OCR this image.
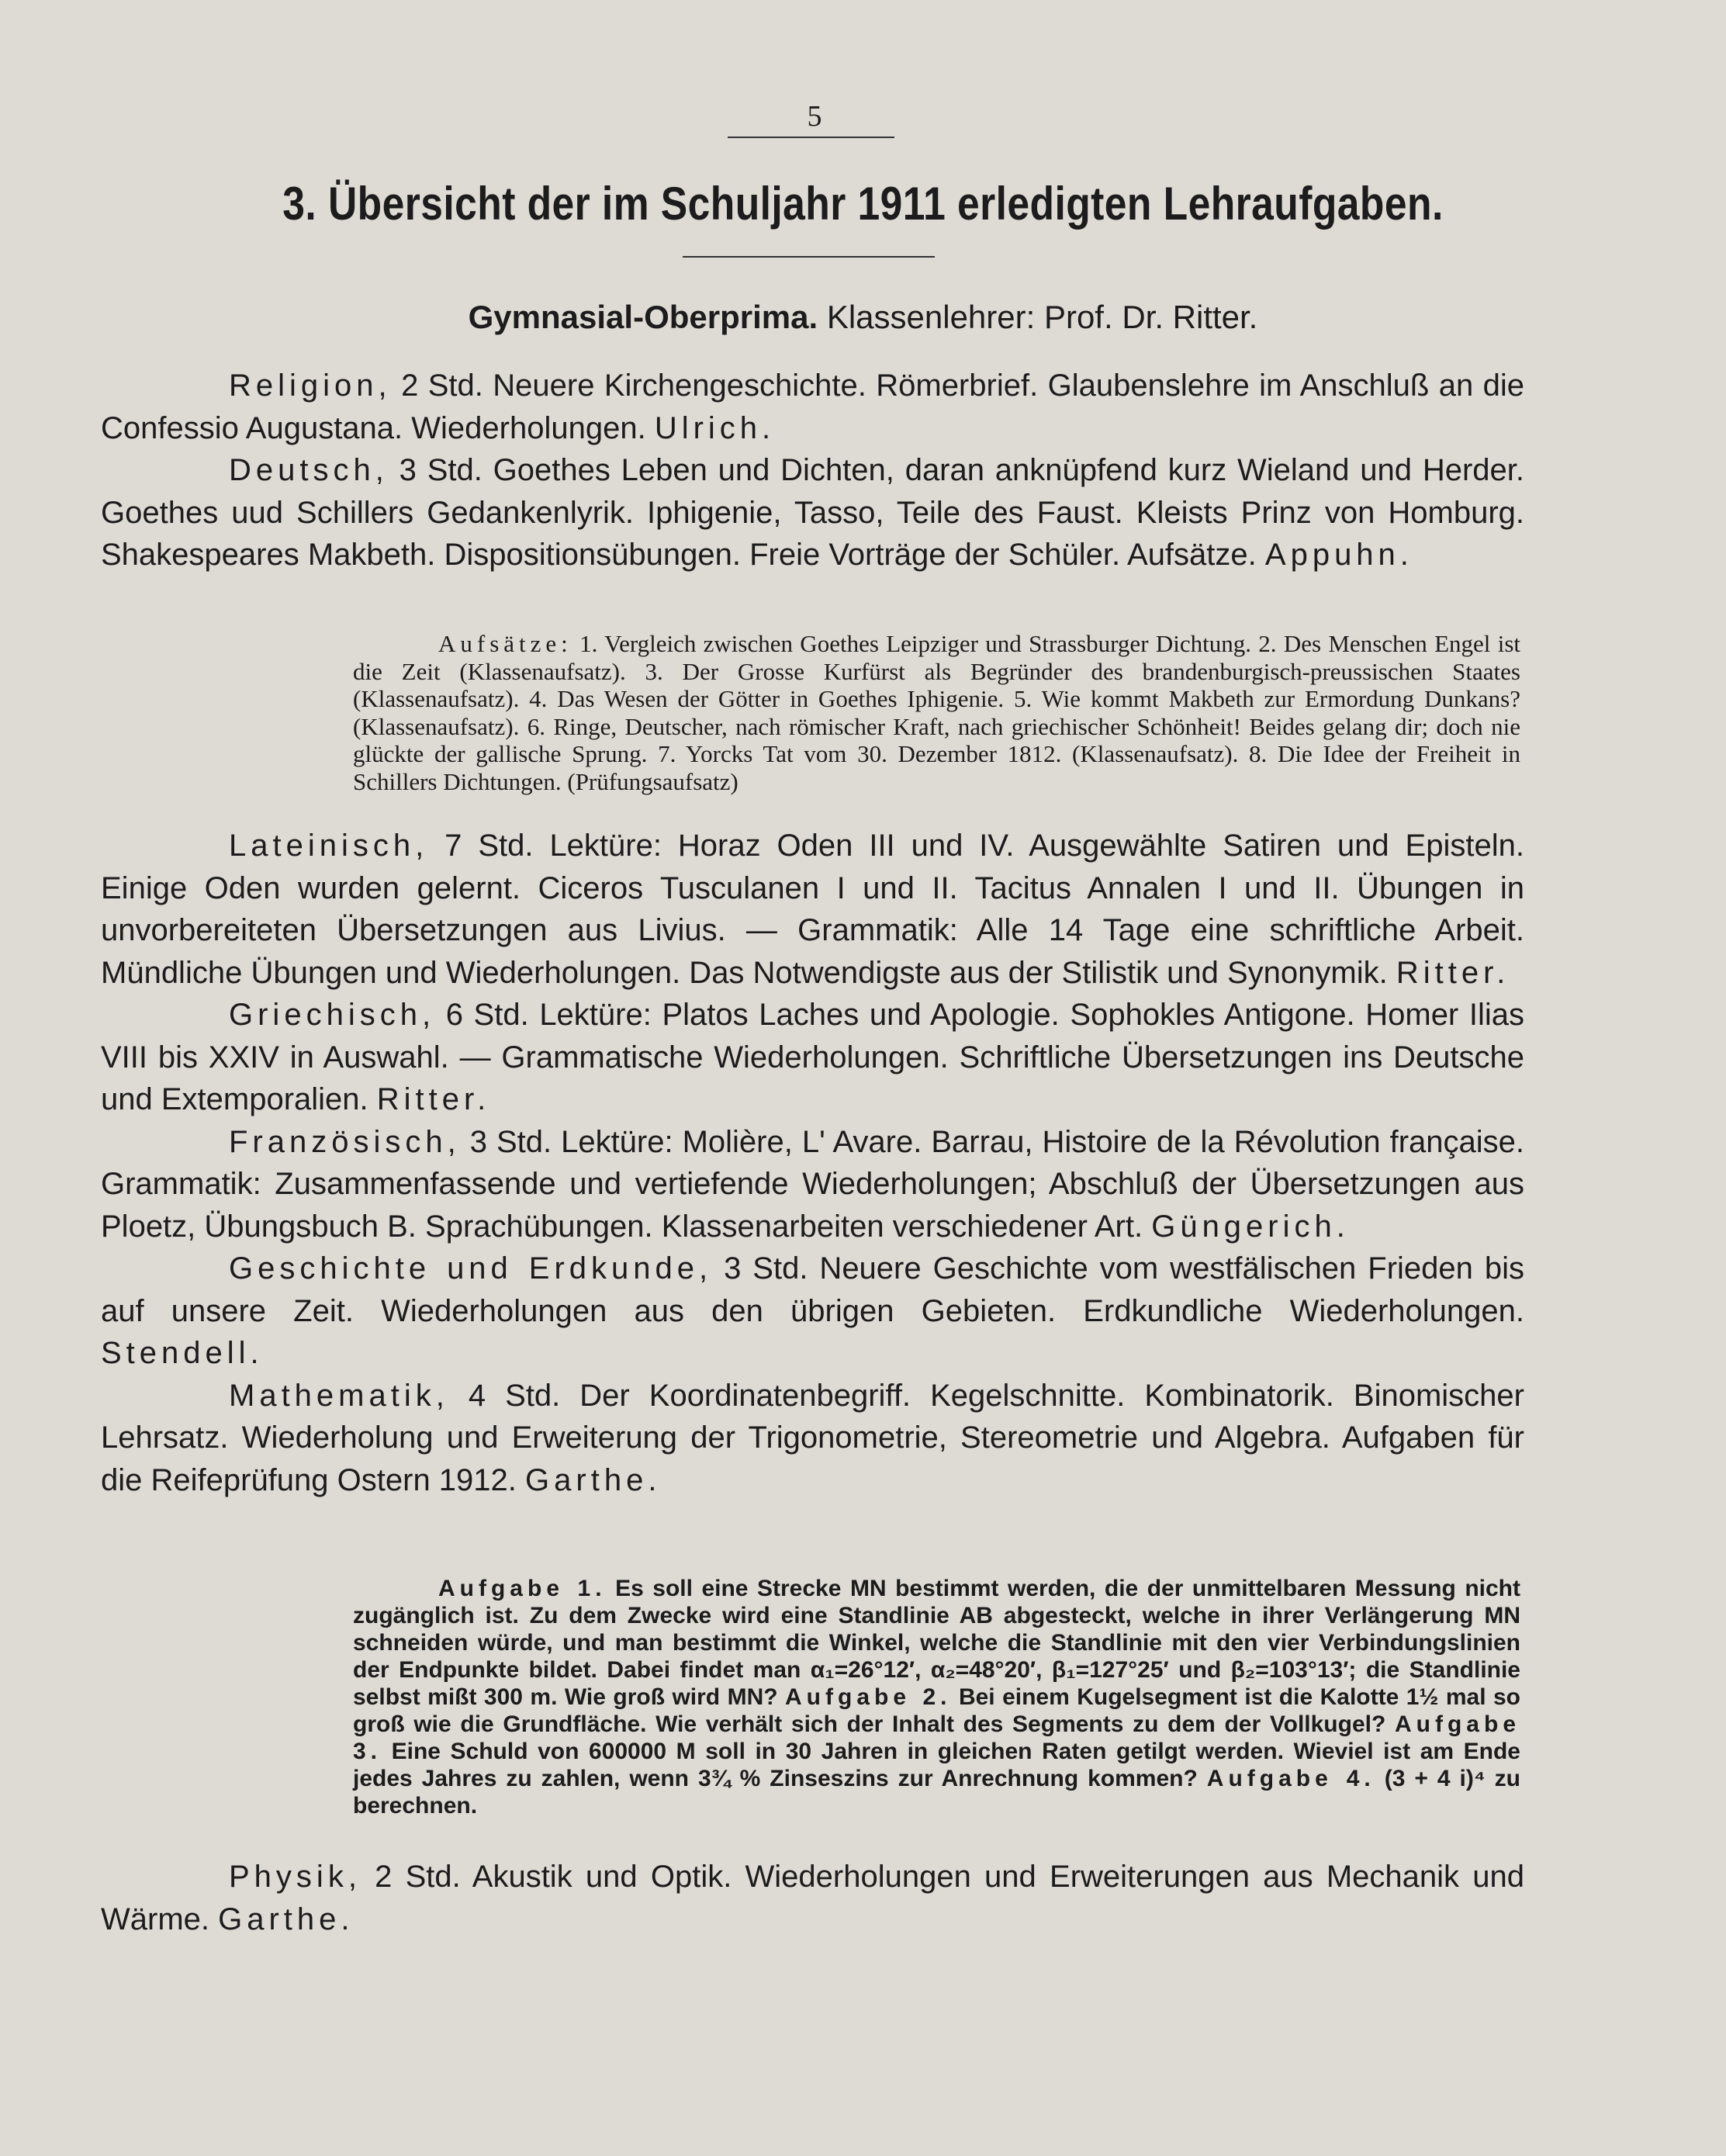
5
3. Übersicht der im Schuljahr 1911 erledigten Lehraufgaben.
Gymnasial-Oberprima. Klassenlehrer: Prof. Dr. Ritter.

Religion, 2 Std. Neuere Kirchengeschichte. Römerbrief. Glaubenslehre im Anschluß an die Confessio Augustana. Wiederholungen. Ulrich.

Deutsch, 3 Std. Goethes Leben und Dichten, daran anknüpfend kurz Wieland und Herder. Goethes uud Schillers Gedankenlyrik. Iphigenie, Tasso, Teile des Faust. Kleists Prinz von Homburg. Shakespeares Makbeth. Dispositionsübungen. Freie Vorträge der Schüler. Aufsätze. Appuhn.

Aufsätze: 1. Vergleich zwischen Goethes Leipziger und Strassburger Dichtung. 2. Des Menschen Engel ist die Zeit (Klassenaufsatz). 3. Der Grosse Kurfürst als Begründer des brandenburgisch-preussischen Staates (Klassenaufsatz). 4. Das Wesen der Götter in Goethes Iphigenie. 5. Wie kommt Makbeth zur Ermordung Dunkans? (Klassenaufsatz). 6. Ringe, Deutscher, nach römischer Kraft, nach griechischer Schönheit! Beides gelang dir; doch nie glückte der gallische Sprung. 7. Yorcks Tat vom 30. Dezember 1812. (Klassenaufsatz). 8. Die Idee der Freiheit in Schillers Dichtungen. (Prüfungsaufsatz)

Lateinisch, 7 Std. Lektüre: Horaz Oden III und IV. Ausgewählte Satiren und Episteln. Einige Oden wurden gelernt. Ciceros Tusculanen I und II. Tacitus Annalen I und II. Übungen in unvorbereiteten Übersetzungen aus Livius. — Grammatik: Alle 14 Tage eine schriftliche Arbeit. Mündliche Übungen und Wiederholungen. Das Notwendigste aus der Stilistik und Synonymik. Ritter.

Griechisch, 6 Std. Lektüre: Platos Laches und Apologie. Sophokles Antigone. Homer Ilias VIII bis XXIV in Auswahl. — Grammatische Wiederholungen. Schriftliche Übersetzungen ins Deutsche und Extemporalien. Ritter.

Französisch, 3 Std. Lektüre: Molière, L' Avare. Barrau, Histoire de la Révolution française. Grammatik: Zusammenfassende und vertiefende Wiederholungen; Abschluß der Übersetzungen aus Ploetz, Übungsbuch B. Sprachübungen. Klassenarbeiten verschiedener Art. Güngerich.

Geschichte und Erdkunde, 3 Std. Neuere Geschichte vom westfälischen Frieden bis auf unsere Zeit. Wiederholungen aus den übrigen Gebieten. Erdkundliche Wiederholungen. Stendell.

Mathematik, 4 Std. Der Koordinatenbegriff. Kegelschnitte. Kombinatorik. Binomischer Lehrsatz. Wiederholung und Erweiterung der Trigonometrie, Stereometrie und Algebra. Aufgaben für die Reifeprüfung Ostern 1912. Garthe.

Aufgabe 1. Es soll eine Strecke MN bestimmt werden, die der unmittelbaren Messung nicht zugänglich ist. Zu dem Zwecke wird eine Standlinie AB abgesteckt, welche in ihrer Verlängerung MN schneiden würde, und man bestimmt die Winkel, welche die Standlinie mit den vier Verbindungslinien der Endpunkte bildet. Dabei findet man α₁=26°12′, α₂=48°20′, β₁=127°25′ und β₂=103°13′; die Standlinie selbst mißt 300 m. Wie groß wird MN? Aufgabe 2. Bei einem Kugelsegment ist die Kalotte 1½ mal so groß wie die Grundfläche. Wie verhält sich der Inhalt des Segments zu dem der Vollkugel? Aufgabe 3. Eine Schuld von 600000 M soll in 30 Jahren in gleichen Raten getilgt werden. Wieviel ist am Ende jedes Jahres zu zahlen, wenn 3¾ % Zinseszins zur Anrechnung kommen? Aufgabe 4. (3 + 4 i)⁴ zu berechnen.

Physik, 2 Std. Akustik und Optik. Wiederholungen und Erweiterungen aus Mechanik und Wärme. Garthe.
